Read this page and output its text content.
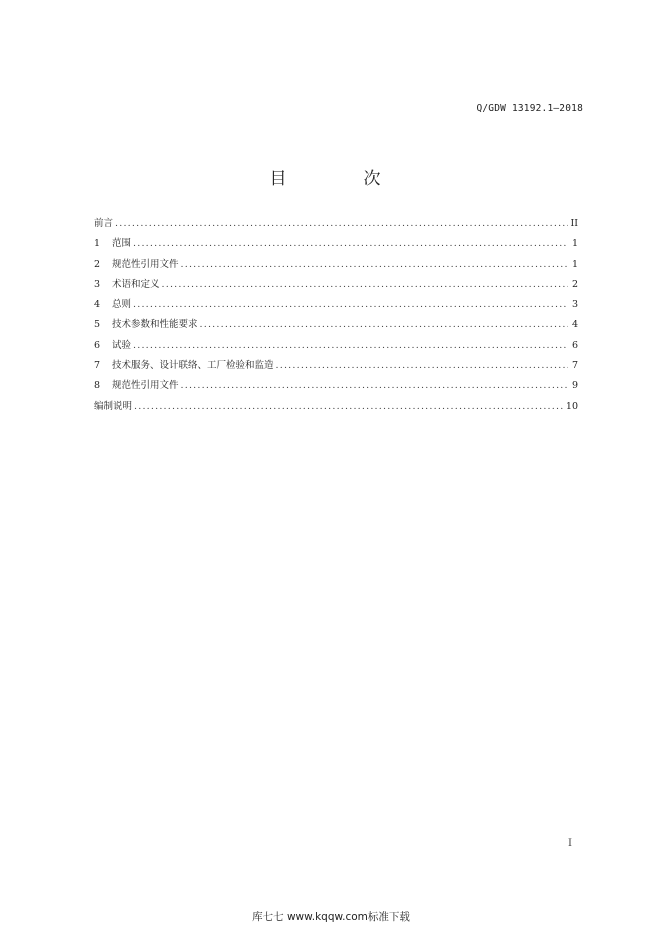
Q/GDW 13192.1—2018
目　次
前言 .....	II
1	范围 .....	1
2	规范性引用文件 .....	1
3	术语和定义 .....	2
4	总则 .....	3
5	技术参数和性能要求 .....	4
6	试验 .....	6
7	技术服务、设计联络、工厂检验和监造 .....	7
8	规范性引用文件 .....	9
编制说明 .....	10
I
库七七 www.kqqw.com标准下载
